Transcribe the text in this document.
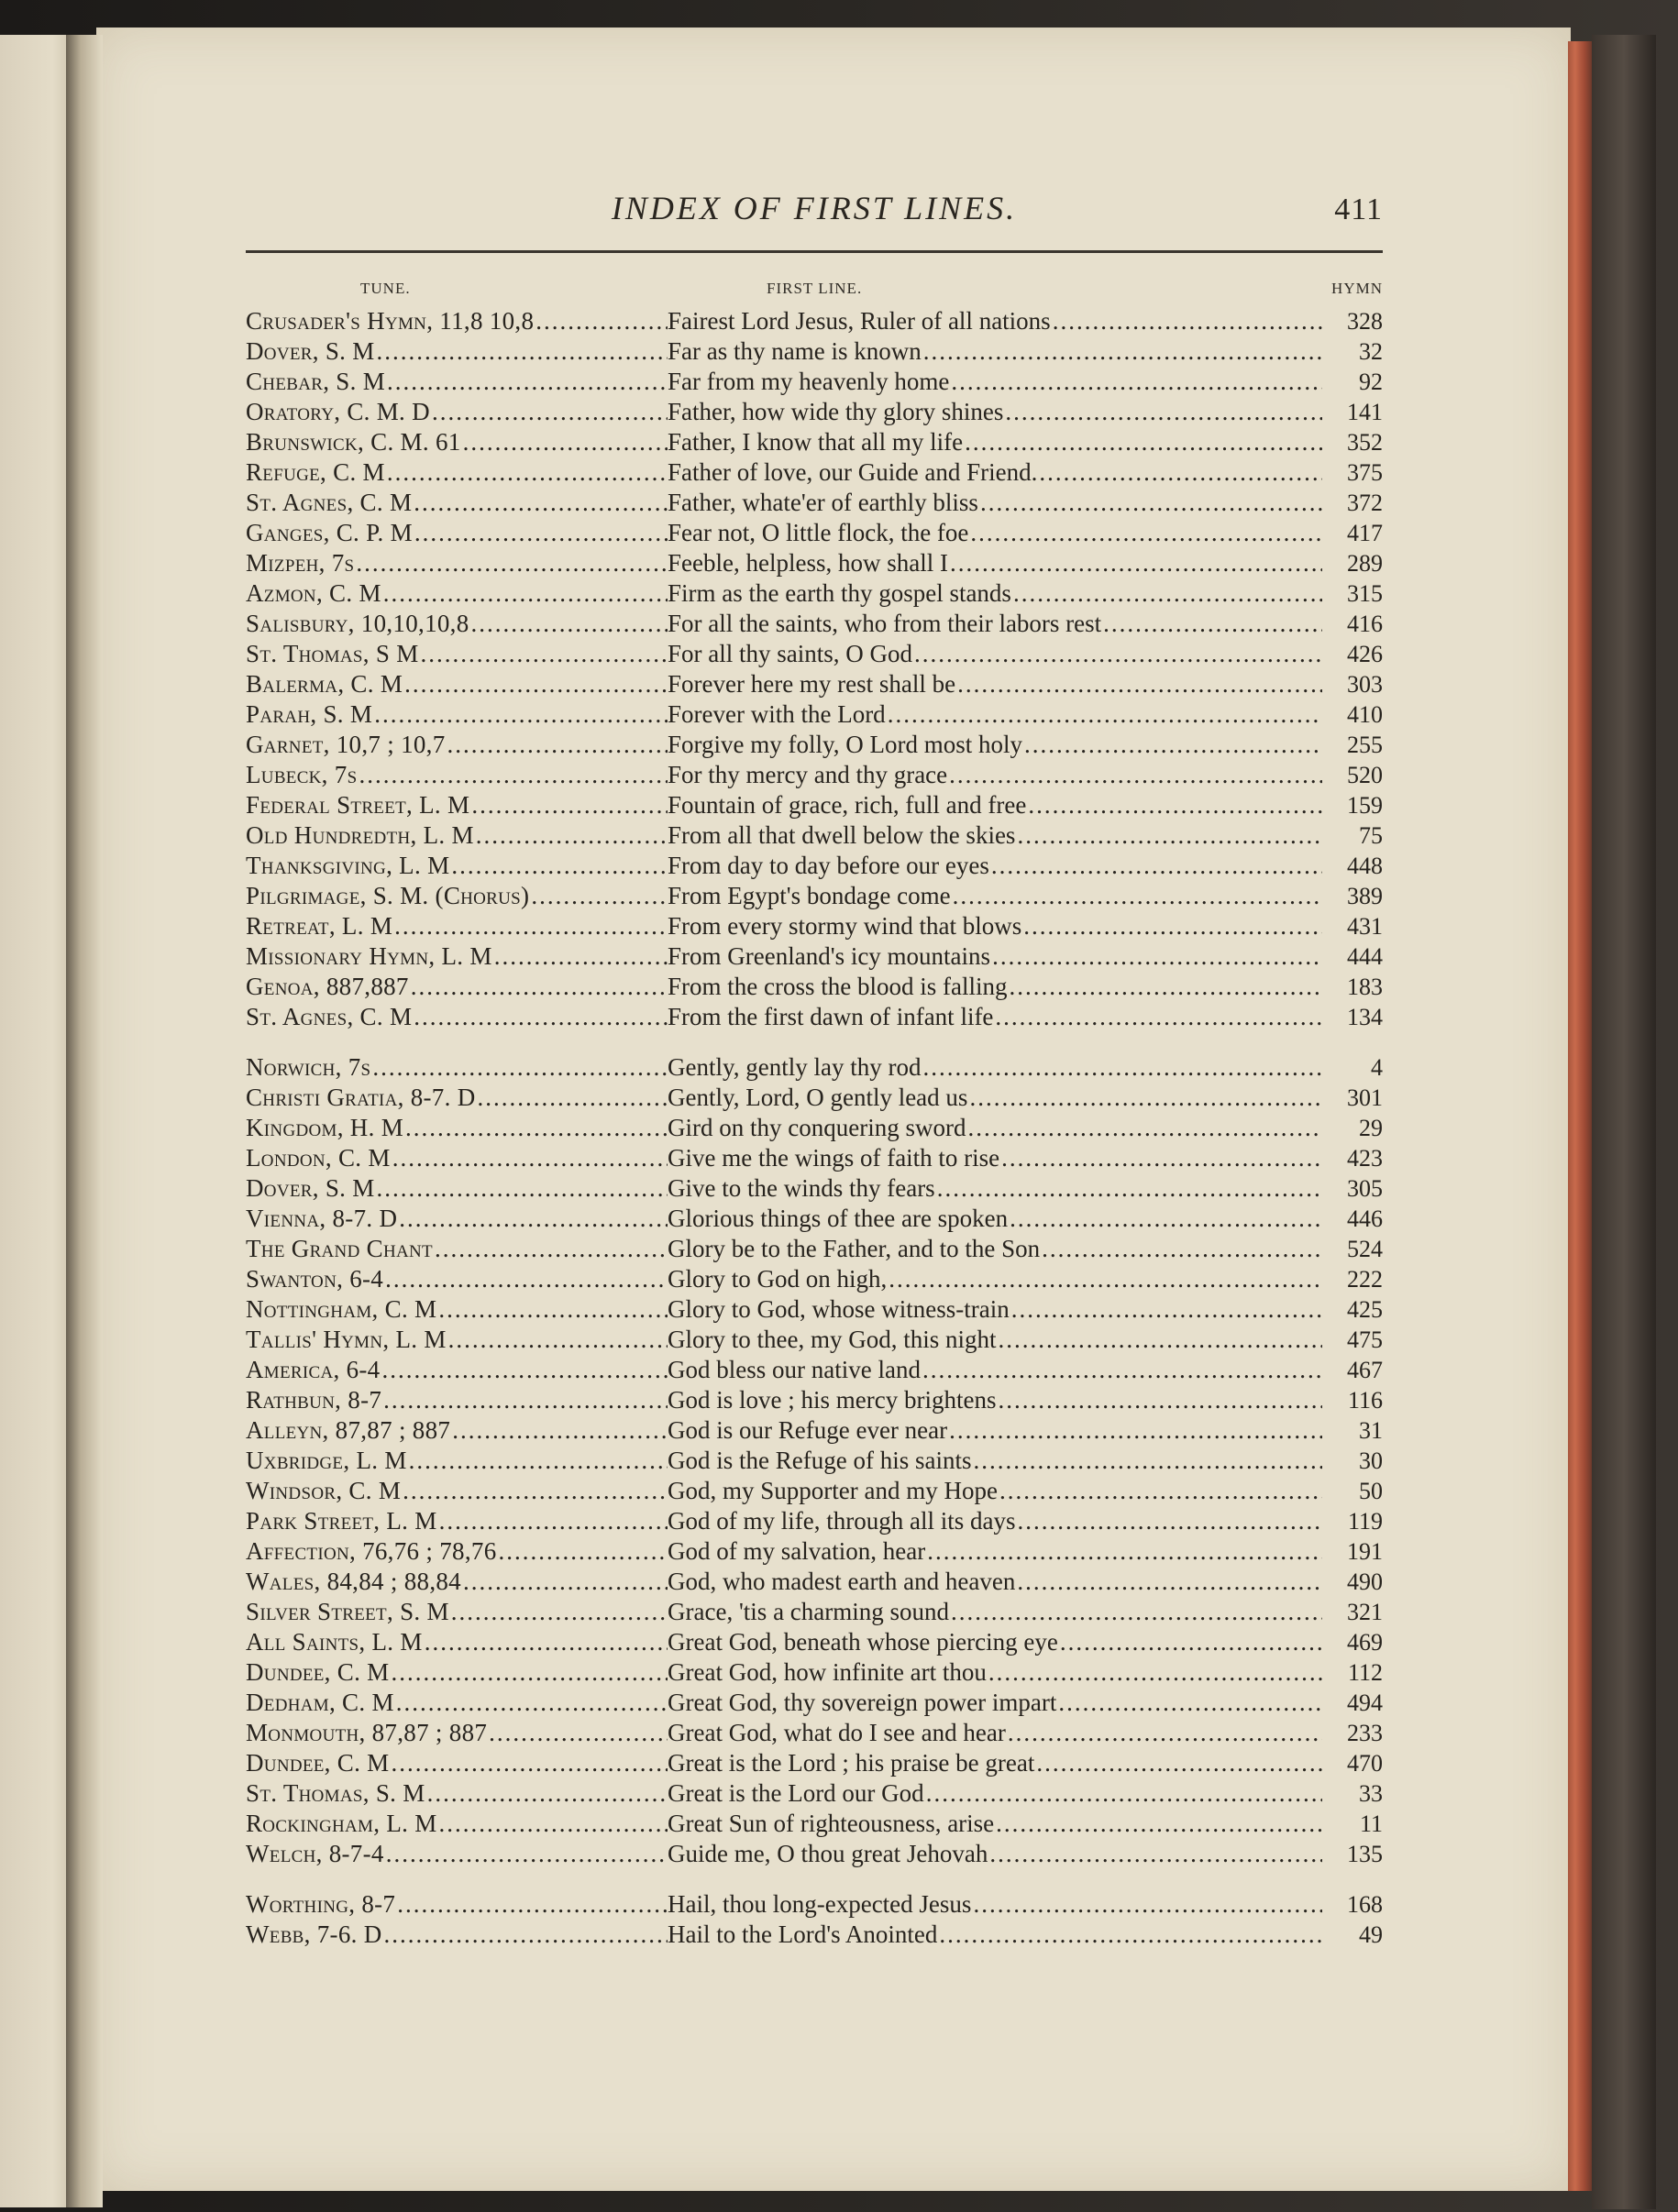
INDEX OF FIRST LINES.	411
TUNE.	FIRST LINE.	HYMN
Crusader's Hymn, 11,8 10,8 .....	Fairest Lord Jesus, Ruler of all nations .....	328
Dover, S. M .....	Far as thy name is known .....	32
Chebar, S. M .....	Far from my heavenly home .....	92
Oratory, C. M. D .....	Father, how wide thy glory shines .....	141
Brunswick, C. M. 61 .....	Father, I know that all my life .....	352
Refuge, C. M .....	Father of love, our Guide and Friend. .....	375
St. Agnes, C. M .....	Father, whate'er of earthly bliss .....	372
Ganges, C. P. M .....	Fear not, O little flock, the foe .....	417
Mizpeh, 7s .....	Feeble, helpless, how shall I .....	289
Azmon, C. M .....	Firm as the earth thy gospel stands .....	315
Salisbury, 10,10,10,8 .....	For all the saints, who from their labors rest .....	416
St. Thomas, S M .....	For all thy saints, O God .....	426
Balerma, C. M .....	Forever here my rest shall be .....	303
Parah, S. M .....	Forever with the Lord .....	410
Garnet, 10,7 ; 10,7 .....	Forgive my folly, O Lord most holy .....	255
Lubeck, 7s .....	For thy mercy and thy grace .....	520
Federal Street, L. M .....	Fountain of grace, rich, full and free .....	159
Old Hundredth, L. M .....	From all that dwell below the skies .....	75
Thanksgiving, L. M .....	From day to day before our eyes .....	448
Pilgrimage, S. M. (Chorus) .....	From Egypt's bondage come .....	389
Retreat, L. M .....	From every stormy wind that blows .....	431
Missionary Hymn, L. M .....	From Greenland's icy mountains .....	444
Genoa, 887,887 .....	From the cross the blood is falling .....	183
St. Agnes, C. M .....	From the first dawn of infant life .....	134
Norwich, 7s .....	Gently, gently lay thy rod .....	4
Christi Gratia, 8-7. D .....	Gently, Lord, O gently lead us .....	301
Kingdom, H. M .....	Gird on thy conquering sword .....	29
London, C. M .....	Give me the wings of faith to rise .....	423
Dover, S. M .....	Give to the winds thy fears .....	305
Vienna, 8-7. D .....	Glorious things of thee are spoken .....	446
The Grand Chant .....	Glory be to the Father, and to the Son .....	524
Swanton, 6-4 .....	Glory to God on high, .....	222
Nottingham, C. M .....	Glory to God, whose witness-train .....	425
Tallis' Hymn, L. M .....	Glory to thee, my God, this night .....	475
America, 6-4 .....	God bless our native land .....	467
Rathbun, 8-7 .....	God is love ; his mercy brightens .....	116
Alleyn, 87,87 ; 887 .....	God is our Refuge ever near .....	31
Uxbridge, L. M .....	God is the Refuge of his saints .....	30
Windsor, C. M .....	God, my Supporter and my Hope .....	50
Park Street, L. M .....	God of my life, through all its days .....	119
Affection, 76,76 ; 78,76 .....	God of my salvation, hear .....	191
Wales, 84,84 ; 88,84 .....	God, who madest earth and heaven .....	490
Silver Street, S. M .....	Grace, 'tis a charming sound .....	321
All Saints, L. M .....	Great God, beneath whose piercing eye .....	469
Dundee, C. M .....	Great God, how infinite art thou .....	112
Dedham, C. M .....	Great God, thy sovereign power impart .....	494
Monmouth, 87,87 ; 887 .....	Great God, what do I see and hear .....	233
Dundee, C. M .....	Great is the Lord ; his praise be great .....	470
St. Thomas, S. M .....	Great is the Lord our God .....	33
Rockingham, L. M .....	Great Sun of righteousness, arise .....	11
Welch, 8-7-4 .....	Guide me, O thou great Jehovah .....	135
Worthing, 8-7 .....	Hail, thou long-expected Jesus .....	168
Webb, 7-6. D .....	Hail to the Lord's Anointed .....	49
